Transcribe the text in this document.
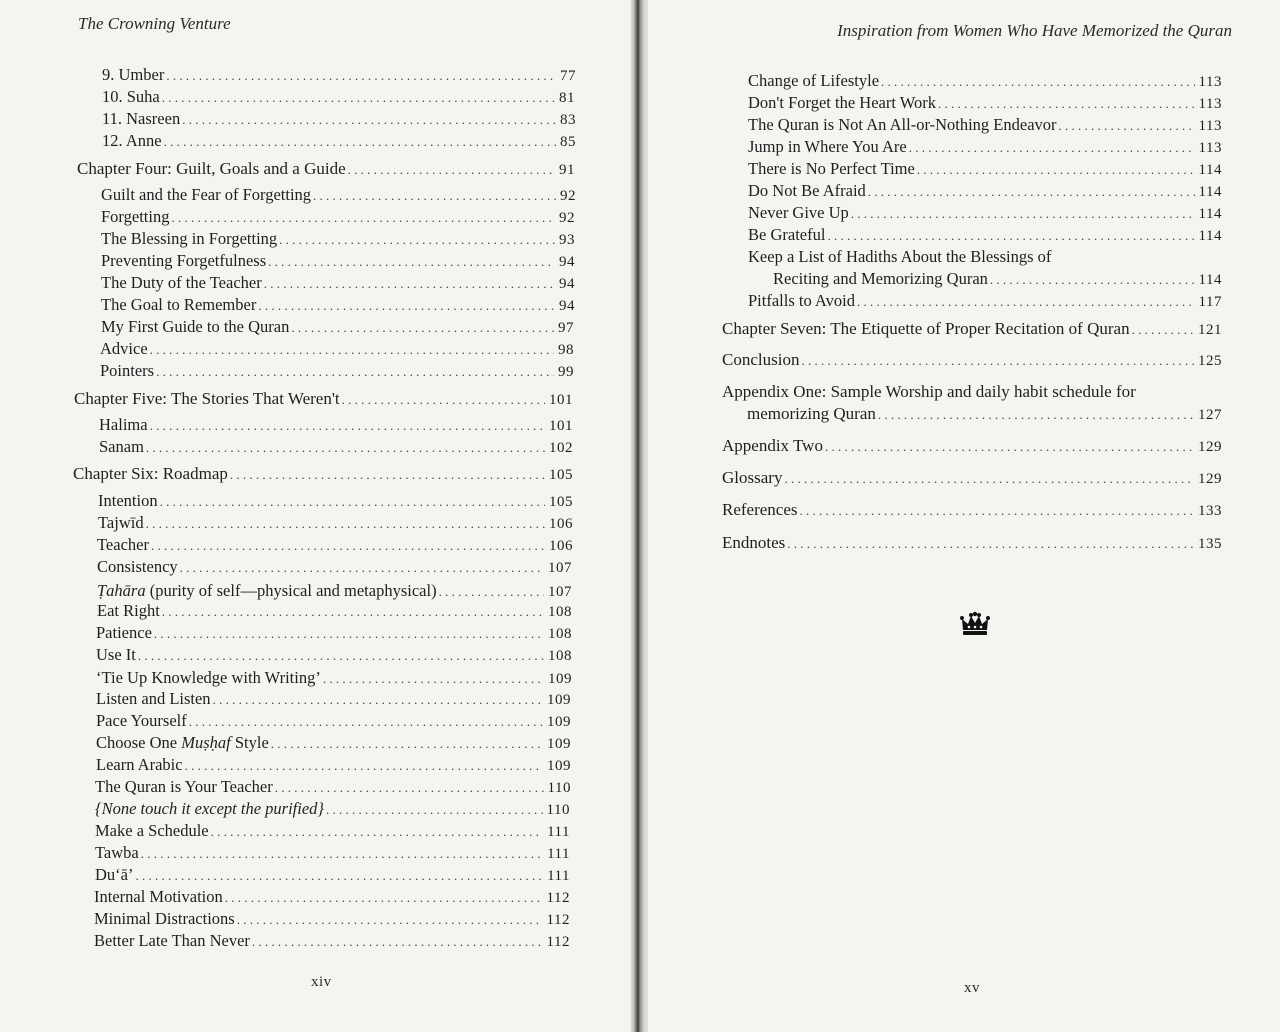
The Crowning Venture
9. Umber . . .	77
10. Suha . . .	81
11. Nasreen . . .	83
12. Anne . . .	85
Chapter Four: Guilt, Goals and a Guide . . .	91
Guilt and the Fear of Forgetting . . .	92
Forgetting . . .	92
The Blessing in Forgetting . . .	93
Preventing Forgetfulness . . .	94
The Duty of the Teacher . . .	94
The Goal to Remember . . .	94
My First Guide to the Quran . . .	97
Advice . . .	98
Pointers . . .	99
Chapter Five: The Stories That Weren't . . .	101
Halima . . .	101
Sanam . . .	102
Chapter Six: Roadmap . . .	105
Intention . . .	105
Tajwīd . . .	106
Teacher . . .	106
Consistency . . .	107
Ṭahāra (purity of self—physical and metaphysical) . . .	107
Eat Right . . .	108
Patience . . .	108
Use It . . .	108
‘Tie Up Knowledge with Writing’ . . .	109
Listen and Listen . . .	109
Pace Yourself . . .	109
Choose One Muṣḥaf Style . . .	109
Learn Arabic . . .	109
The Quran is Your Teacher . . .	110
{None touch it except the purified} . . .	110
Make a Schedule . . .	111
Tawba . . .	111
Du‘ā’ . . .	111
Internal Motivation . . .	112
Minimal Distractions . . .	112
Better Late Than Never . . .	112
xiv
Inspiration from Women Who Have Memorized the Quran
Change of Lifestyle . . .	113
Don't Forget the Heart Work . . .	113
The Quran is Not An All-or-Nothing Endeavor . . .	113
Jump in Where You Are . . .	113
There is No Perfect Time . . .	114
Do Not Be Afraid . . .	114
Never Give Up . . .	114
Be Grateful . . .	114
Keep a List of Hadiths About the Blessings of
Reciting and Memorizing Quran . . .	114
Pitfalls to Avoid . . .	117
Chapter Seven: The Etiquette of Proper Recitation of Quran . . .	121
Conclusion . . .	125
Appendix One: Sample Worship and daily habit schedule for
memorizing Quran . . .	127
Appendix Two . . .	129
Glossary . . .	129
References . . .	133
Endnotes . . .	135
xv
